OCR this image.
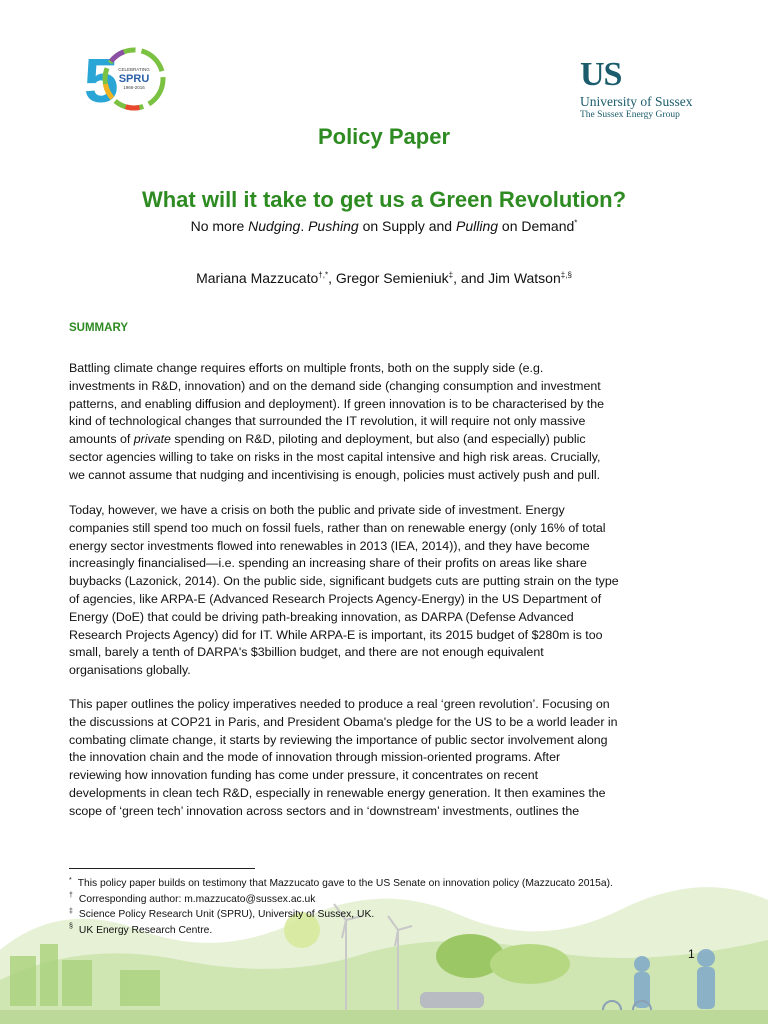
5 CELEBRATING
SPRU
1966-2016	US
University of Sussex
The Sussex Energy Group
Policy Paper
What will it take to get us a Green Revolution?
No more Nudging. Pushing on Supply and Pulling on Demand*
Mariana Mazzucato†,*, Gregor Semieniuk‡, and Jim Watson‡,§
SUMMARY
Battling climate change requires efforts on multiple fronts, both on the supply side (e.g.
investments in R&D, innovation) and on the demand side (changing consumption and investment
patterns, and enabling diffusion and deployment). If green innovation is to be characterised by the
kind of technological changes that surrounded the IT revolution, it will require not only massive
amounts of private spending on R&D, piloting and deployment, but also (and especially) public
sector agencies willing to take on risks in the most capital intensive and high risk areas. Crucially,
we cannot assume that nudging and incentivising is enough, policies must actively push and pull.
Today, however, we have a crisis on both the public and private side of investment. Energy
companies still spend too much on fossil fuels, rather than on renewable energy (only 16% of total
energy sector investments flowed into renewables in 2013 (IEA, 2014)), and they have become
increasingly financialised—i.e. spending an increasing share of their profits on areas like share
buybacks (Lazonick, 2014). On the public side, significant budgets cuts are putting strain on the type
of agencies, like ARPA-E (Advanced Research Projects Agency-Energy) in the US Department of
Energy (DoE) that could be driving path-breaking innovation, as DARPA (Defense Advanced
Research Projects Agency) did for IT. While ARPA-E is important, its 2015 budget of $280m is too
small, barely a tenth of DARPA's $3billion budget, and there are not enough equivalent
organisations globally.
This paper outlines the policy imperatives needed to produce a real ‘green revolution’. Focusing on
the discussions at COP21 in Paris, and President Obama's pledge for the US to be a world leader in
combating climate change, it starts by reviewing the importance of public sector involvement along
the innovation chain and the mode of innovation through mission-oriented programs. After
reviewing how innovation funding has come under pressure, it concentrates on recent
developments in clean tech R&D, especially in renewable energy generation. It then examines the
scope of ‘green tech’ innovation across sectors and in ‘downstream’ investments, outlines the
* This policy paper builds on testimony that Mazzucato gave to the US Senate on innovation policy (Mazzucato 2015a).
† Corresponding author: m.mazzucato@sussex.ac.uk
‡ Science Policy Research Unit (SPRU), University of Sussex, UK.
§ UK Energy Research Centre.
1
